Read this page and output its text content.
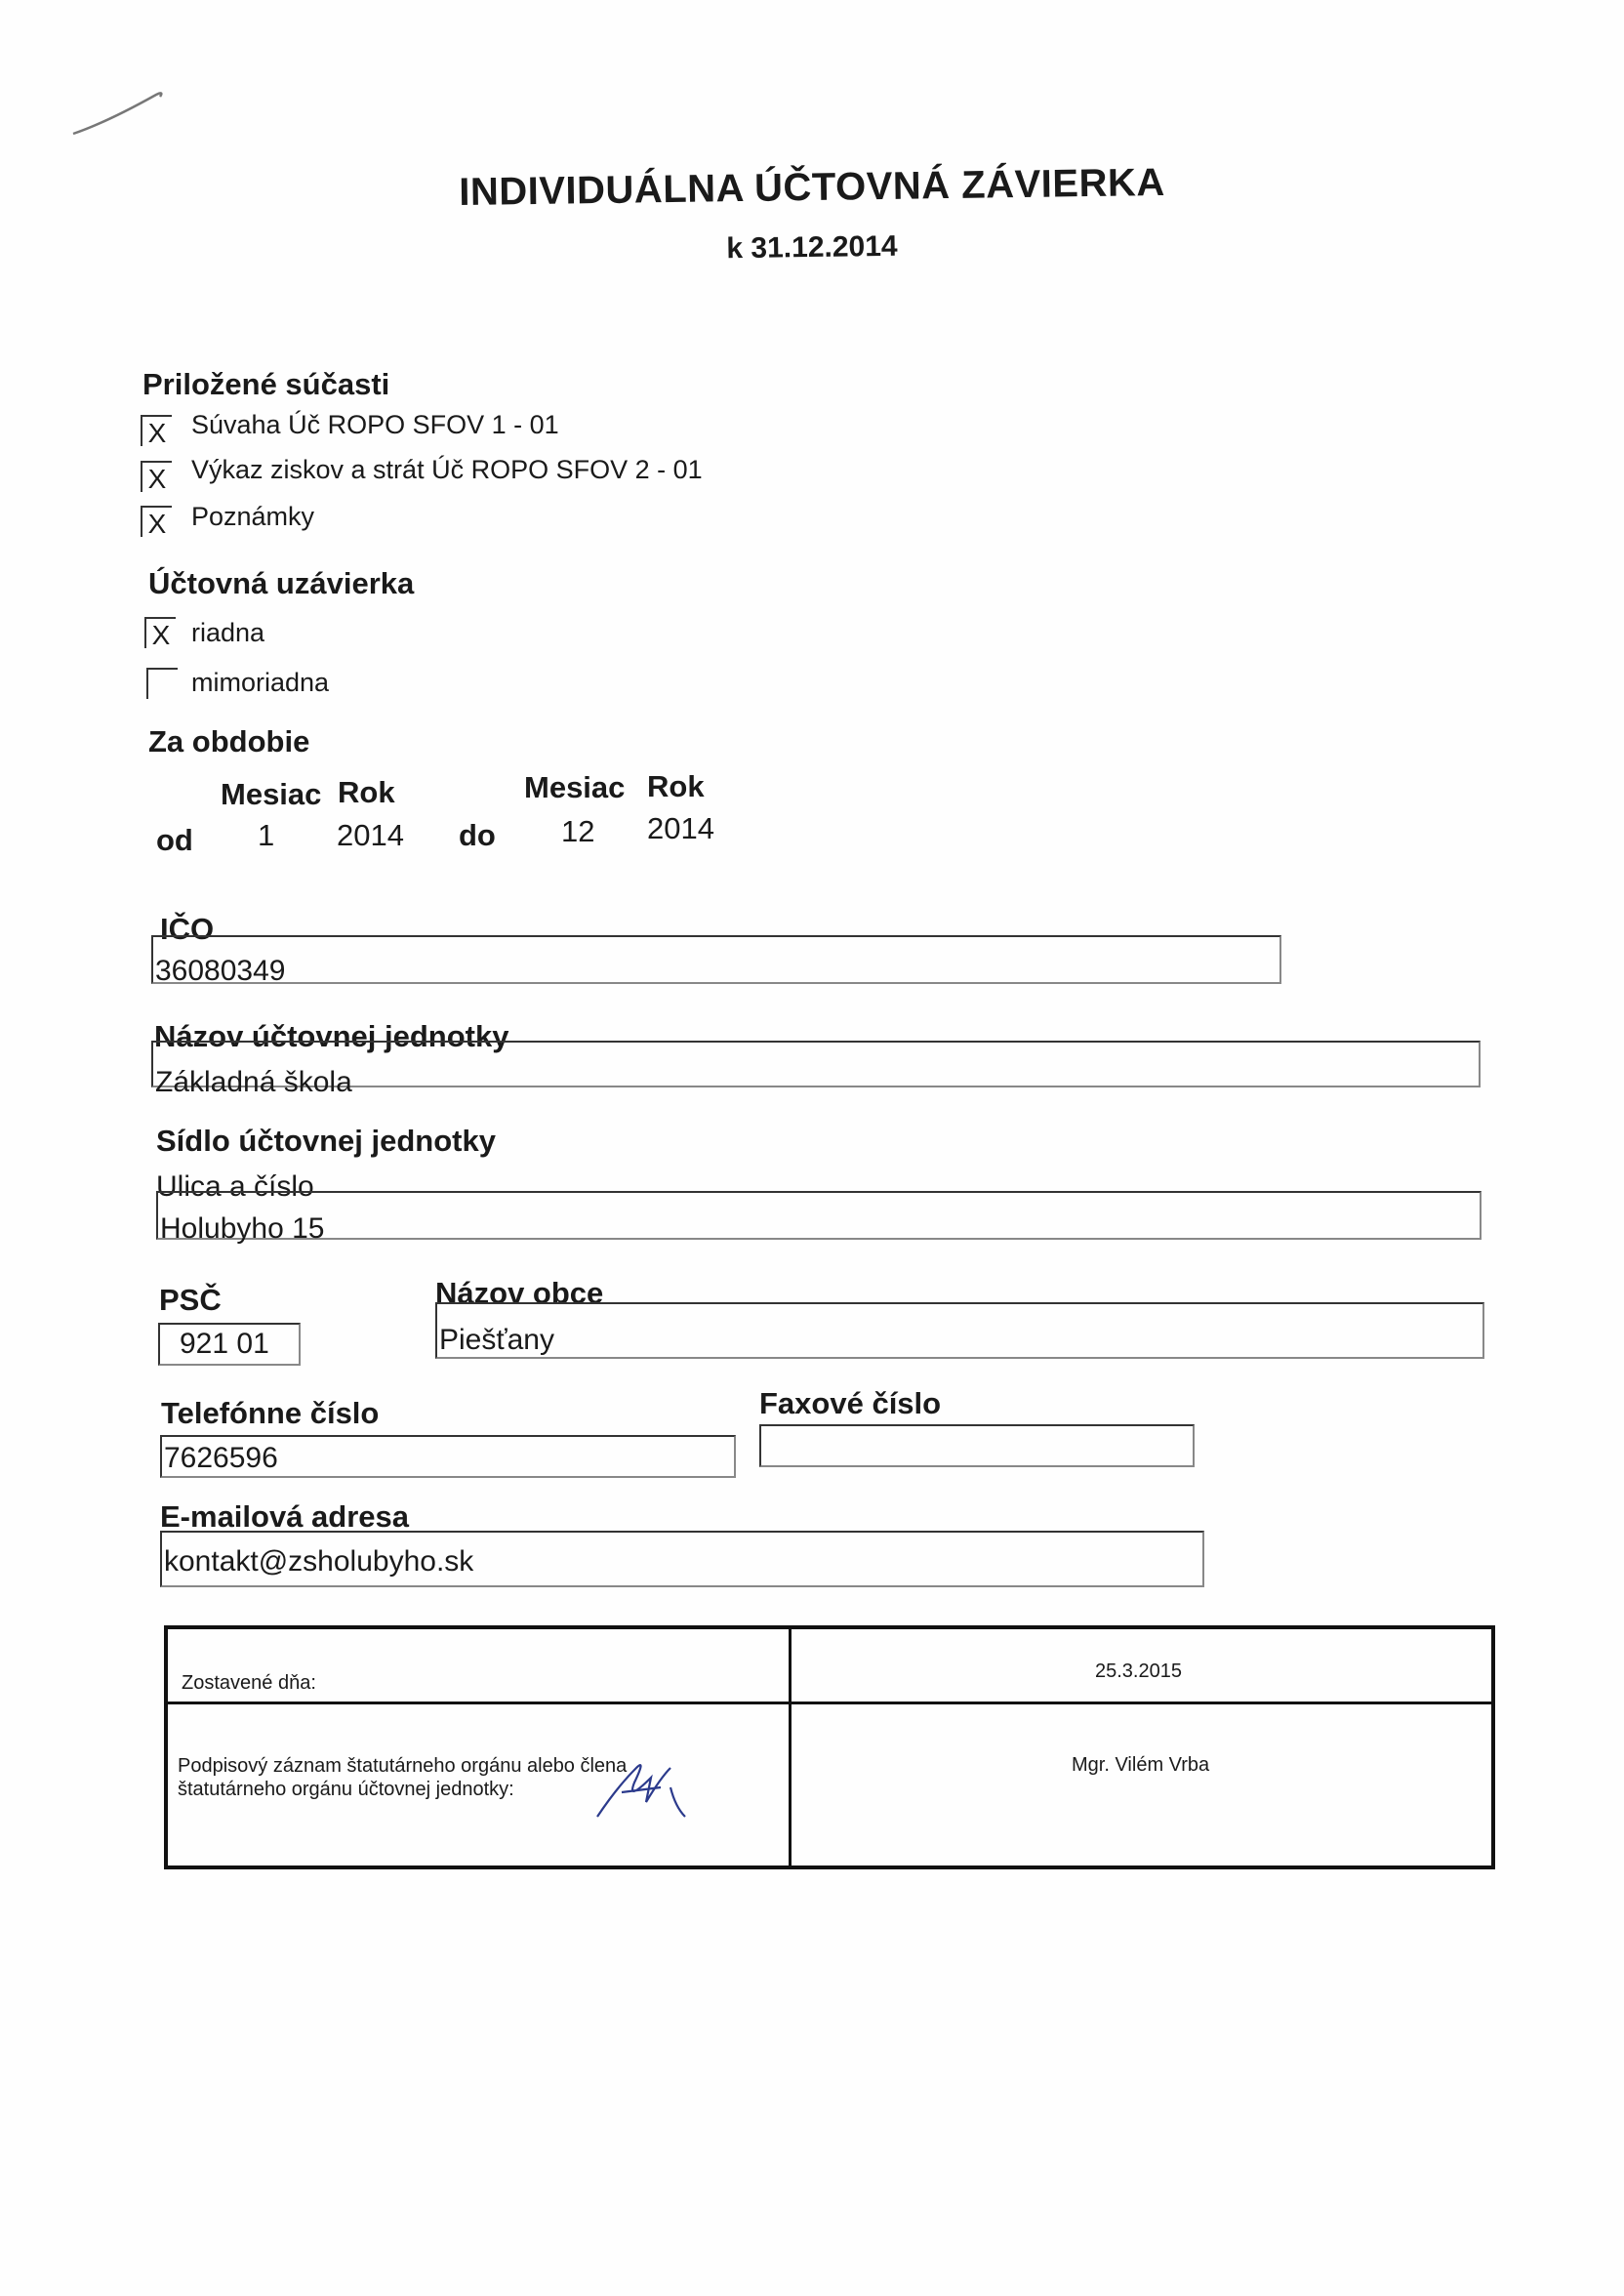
INDIVIDUÁLNA ÚČTOVNÁ ZÁVIERKA
k 31.12.2014
Priložené súčasti
X Súvaha Úč ROPO SFOV 1 - 01
X Výkaz ziskov a strát Úč ROPO SFOV 2 - 01
X Poznámky
Účtovná uzávierka
X riadna
mimoriadna
Za obdobie
Mesiac Rok	Mesiac Rok
od 1 2014 do 12 2014
IČO
36080349
Názov účtovnej jednotky
Základná škola
Sídlo účtovnej jednotky
Ulica a číslo
Holubyho 15
PSČ
921 01
Názov obce
Piešťany
Telefónne číslo
7626596
Faxové číslo
E-mailová adresa
kontakt@zsholubyho.sk
Zostavené dňa:
25.3.2015
Podpisový záznam štatutárneho orgánu alebo člena štatutárneho orgánu účtovnej jednotky:
Mgr. Vilém Vrba
